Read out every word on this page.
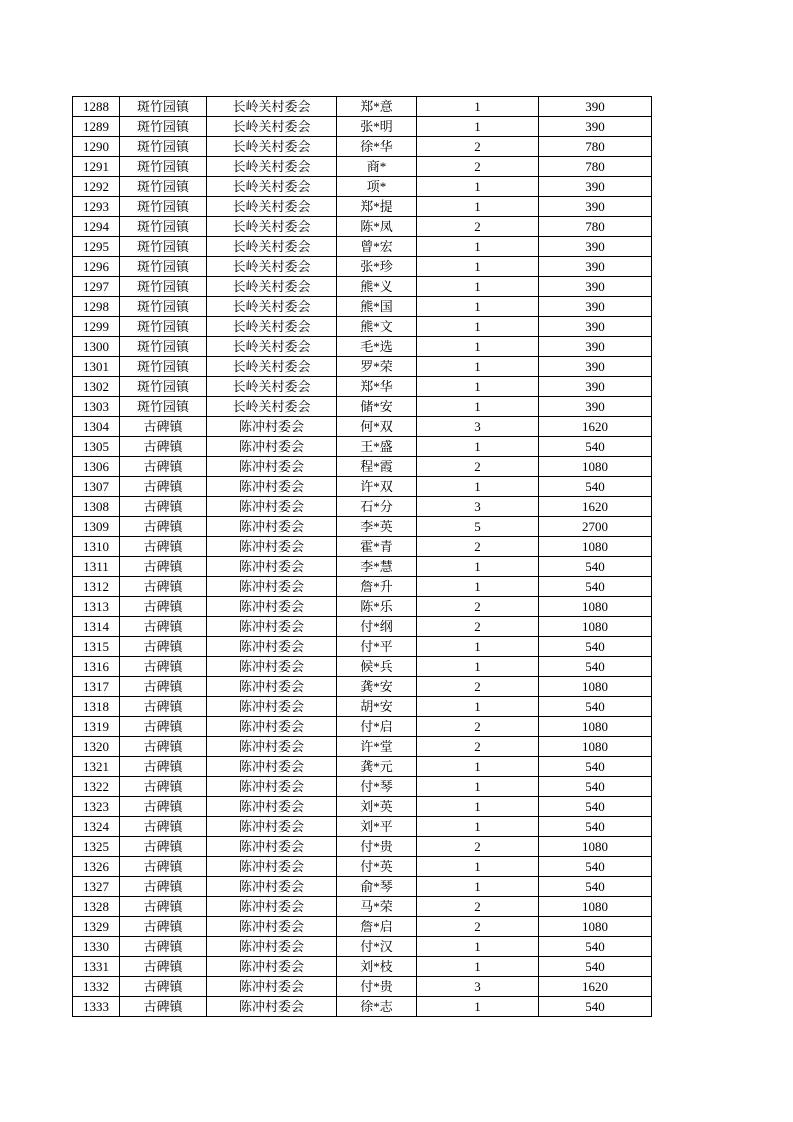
1288	斑竹园镇	长岭关村委会	郑*意	1	390
1289	斑竹园镇	长岭关村委会	张*明	1	390
1290	斑竹园镇	长岭关村委会	徐*华	2	780
1291	斑竹园镇	长岭关村委会	商*	2	780
1292	斑竹园镇	长岭关村委会	项*	1	390
1293	斑竹园镇	长岭关村委会	郑*提	1	390
1294	斑竹园镇	长岭关村委会	陈*凤	2	780
1295	斑竹园镇	长岭关村委会	曾*宏	1	390
1296	斑竹园镇	长岭关村委会	张*珍	1	390
1297	斑竹园镇	长岭关村委会	熊*义	1	390
1298	斑竹园镇	长岭关村委会	熊*国	1	390
1299	斑竹园镇	长岭关村委会	熊*文	1	390
1300	斑竹园镇	长岭关村委会	毛*选	1	390
1301	斑竹园镇	长岭关村委会	罗*荣	1	390
1302	斑竹园镇	长岭关村委会	郑*华	1	390
1303	斑竹园镇	长岭关村委会	储*安	1	390
1304	古碑镇	陈冲村委会	何*双	3	1620
1305	古碑镇	陈冲村委会	王*盛	1	540
1306	古碑镇	陈冲村委会	程*霞	2	1080
1307	古碑镇	陈冲村委会	许*双	1	540
1308	古碑镇	陈冲村委会	石*分	3	1620
1309	古碑镇	陈冲村委会	李*英	5	2700
1310	古碑镇	陈冲村委会	霍*青	2	1080
1311	古碑镇	陈冲村委会	李*慧	1	540
1312	古碑镇	陈冲村委会	詹*升	1	540
1313	古碑镇	陈冲村委会	陈*乐	2	1080
1314	古碑镇	陈冲村委会	付*纲	2	1080
1315	古碑镇	陈冲村委会	付*平	1	540
1316	古碑镇	陈冲村委会	候*兵	1	540
1317	古碑镇	陈冲村委会	龚*安	2	1080
1318	古碑镇	陈冲村委会	胡*安	1	540
1319	古碑镇	陈冲村委会	付*启	2	1080
1320	古碑镇	陈冲村委会	许*堂	2	1080
1321	古碑镇	陈冲村委会	龚*元	1	540
1322	古碑镇	陈冲村委会	付*琴	1	540
1323	古碑镇	陈冲村委会	刘*英	1	540
1324	古碑镇	陈冲村委会	刘*平	1	540
1325	古碑镇	陈冲村委会	付*贵	2	1080
1326	古碑镇	陈冲村委会	付*英	1	540
1327	古碑镇	陈冲村委会	俞*琴	1	540
1328	古碑镇	陈冲村委会	马*荣	2	1080
1329	古碑镇	陈冲村委会	詹*启	2	1080
1330	古碑镇	陈冲村委会	付*汉	1	540
1331	古碑镇	陈冲村委会	刘*枝	1	540
1332	古碑镇	陈冲村委会	付*贵	3	1620
1333	古碑镇	陈冲村委会	徐*志	1	540
